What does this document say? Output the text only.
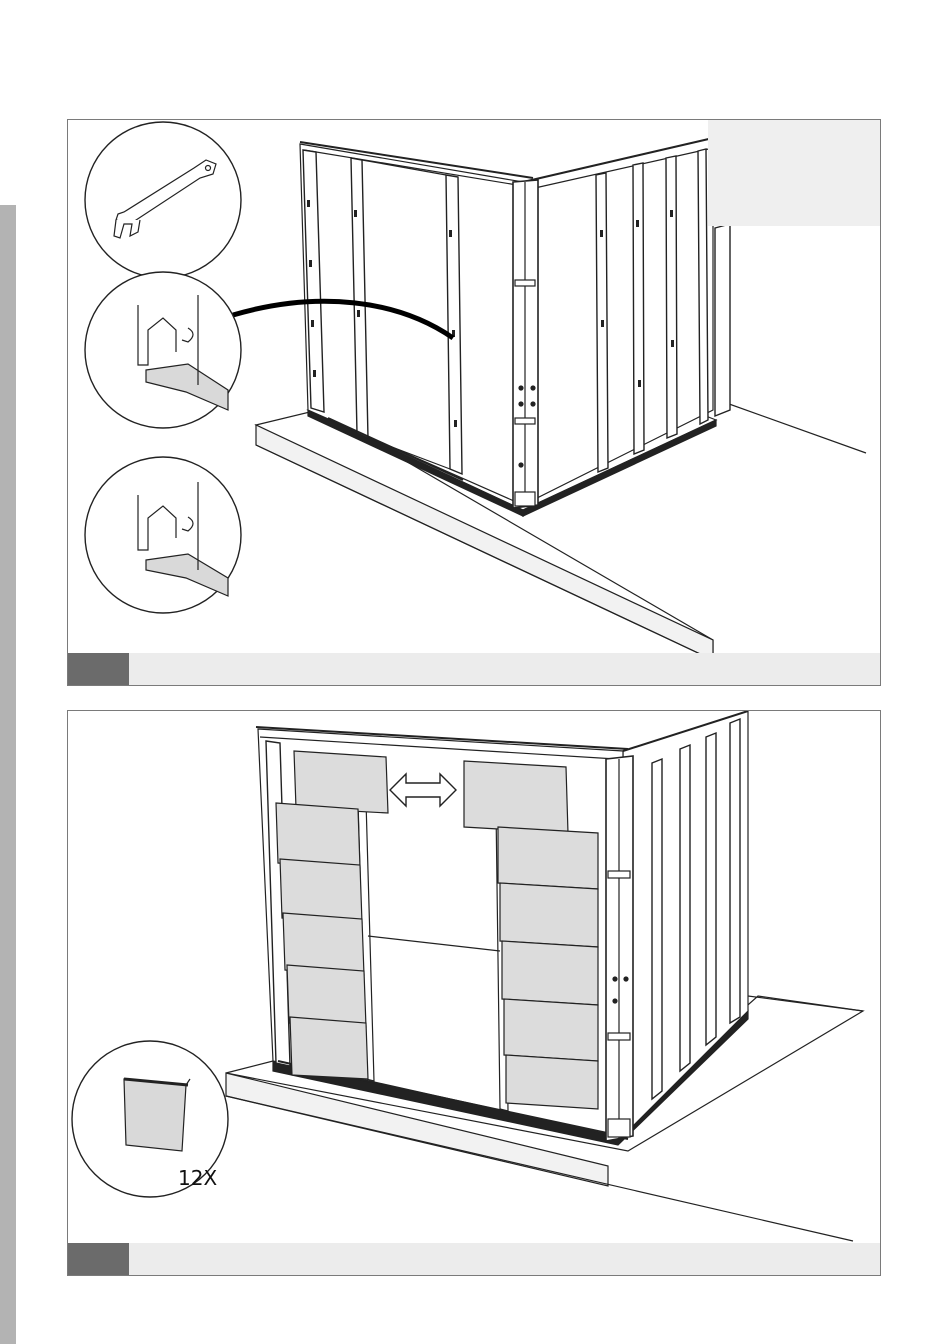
12X
